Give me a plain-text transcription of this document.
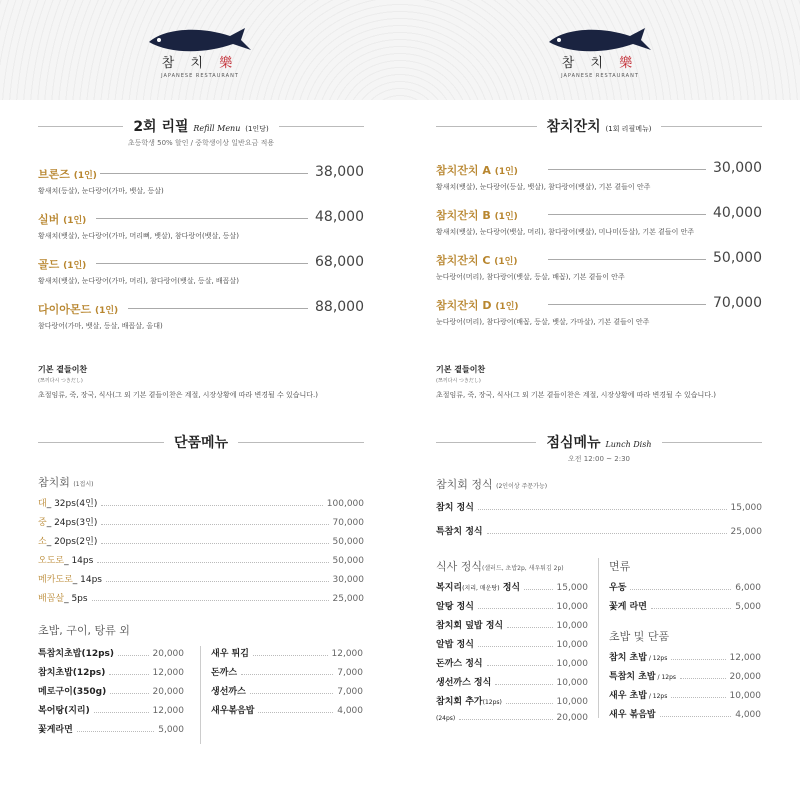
참 치 樂
JAPANESE RESTAURANT
참 치 樂
JAPANESE RESTAURANT
2회 리필 Refill Menu (1인당)
초등학생 50% 할인 / 중학생이상 일반요금 적용
브론즈 (1인)	38,000
황새치(등살), 눈다랑어(가마, 뱃살, 등살)
실버 (1인)	48,000
황새치(뱃살), 눈다랑어(가마, 머리뼈, 뱃살), 참다랑어(뱃살, 등살)
골드 (1인)	68,000
황새치(뱃살), 눈다랑어(가마, 머리), 참다랑어(뱃살, 등살, 배꼽살)
다이아몬드 (1인)	88,000
참다랑어(가마, 뱃살, 등살, 배꼽살, 올대)
참치잔치 (1회 리필메뉴)
참치잔치 A (1인)	30,000
황새치(뱃살), 눈다랑어(등살, 뱃살), 참다랑어(뱃살), 기본 곁들이 안주
참치잔치 B (1인)	40,000
황새치(뱃살), 눈다랑어(뱃살, 머리), 참다랑어(뱃살), 미나미(등살), 기본 곁들이 안주
참치잔치 C (1인)	50,000
눈다랑어(머리), 참다랑어(뱃살, 등살, 배꼽), 기본 곁들이 안주
참치잔치 D (1인)	70,000
눈다랑어(머리), 참다랑어(배꼽, 등살, 뱃살, 가마살), 기본 곁들이 안주
기본 곁들이찬
(쯔끼다시 つきだし)
초절임류, 죽, 장국, 식사(그 외 기본 곁들이찬은 계절, 시장상황에 따라 변경될 수 있습니다.)
기본 곁들이찬
(쯔끼다시 つきだし)
초절임류, 죽, 장국, 식사(그 외 기본 곁들이찬은 계절, 시장상황에 따라 변경될 수 있습니다.)
단품메뉴
참치회 (1접시)
대_ 32ps(4인)	100,000
중_ 24ps(3인)	70,000
소_ 20ps(2인)	50,000
오도로_ 14ps	50,000
메카도로_ 14ps	30,000
배꼽살_ 5ps	25,000
초밥, 구이, 탕류 외
특참치초밥(12ps)	20,000
참치초밥(12ps)	12,000
메로구이(350g)	20,000
복어탕(지리)	12,000
꽃게라면	5,000
새우 튀김	12,000
돈까스	7,000
생선까스	7,000
새우볶음밥	4,000
점심메뉴 Lunch Dish
오전 12:00 ~ 2:30
참치회 정식 (2인이상 주문가능)
참치 정식	15,000
특참치 정식	25,000
식사 정식(샐러드, 초밥2p, 새우튀김 2p)
복지리(지리, 매운탕) 정식	15,000
알탕 정식	10,000
참치회 덮밥 정식	10,000
알밥 정식	10,000
돈까스 정식	10,000
생선까스 정식	10,000
참치회 추가(12ps)	10,000
(24ps)	20,000
면류
우동	6,000
꽃게 라면	5,000
초밥 및 단품
참치 초밥 / 12ps	12,000
특참치 초밥 / 12ps	20,000
새우 초밥 / 12ps	10,000
새우 볶음밥	4,000
